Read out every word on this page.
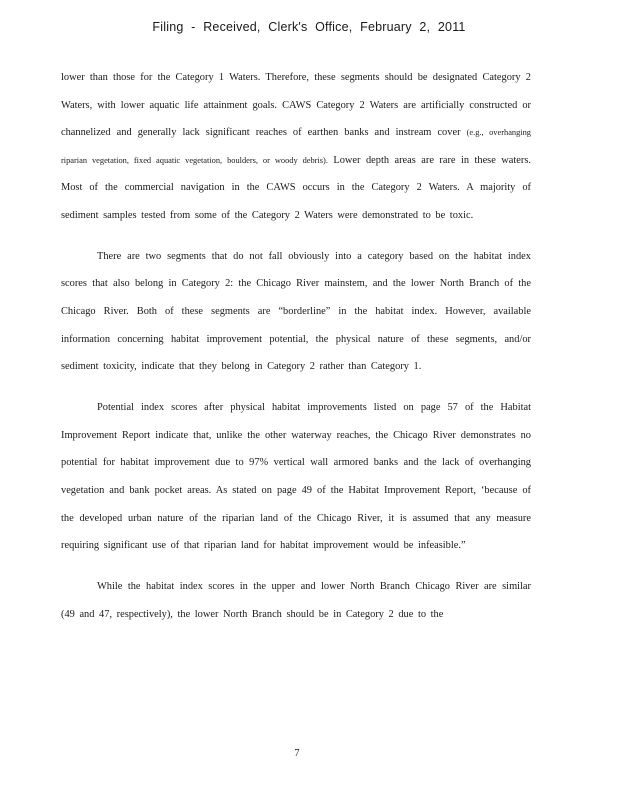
Filing - Received, Clerk's Office, February 2, 2011

lower than those for the Category 1 Waters. Therefore, these segments should be designated Category 2 Waters, with lower aquatic life attainment goals. CAWS Category 2 Waters are artificially constructed or channelized and generally lack significant reaches of earthen banks and instream cover (e.g., overhanging riparian vegetation, fixed aquatic vegetation, boulders, or woody debris). Lower depth areas are rare in these waters. Most of the commercial navigation in the CAWS occurs in the Category 2 Waters. A majority of sediment samples tested from some of the Category 2 Waters were demonstrated to be toxic.

There are two segments that do not fall obviously into a category based on the habitat index scores that also belong in Category 2: the Chicago River mainstem, and the lower North Branch of the Chicago River. Both of these segments are “borderline” in the habitat index. However, available information concerning habitat improvement potential, the physical nature of these segments, and/or sediment toxicity, indicate that they belong in Category 2 rather than Category 1.

Potential index scores after physical habitat improvements listed on page 57 of the Habitat Improvement Report indicate that, unlike the other waterway reaches, the Chicago River demonstrates no potential for habitat improvement due to 97% vertical wall armored banks and the lack of overhanging vegetation and bank pocket areas. As stated on page 49 of the Habitat Improvement Report, ‘because of the developed urban nature of the riparian land of the Chicago River, it is assumed that any measure requiring significant use of that riparian land for habitat improvement would be infeasible.”

While the habitat index scores in the upper and lower North Branch Chicago River are similar (49 and 47, respectively), the lower North Branch should be in Category 2 due to the

7
